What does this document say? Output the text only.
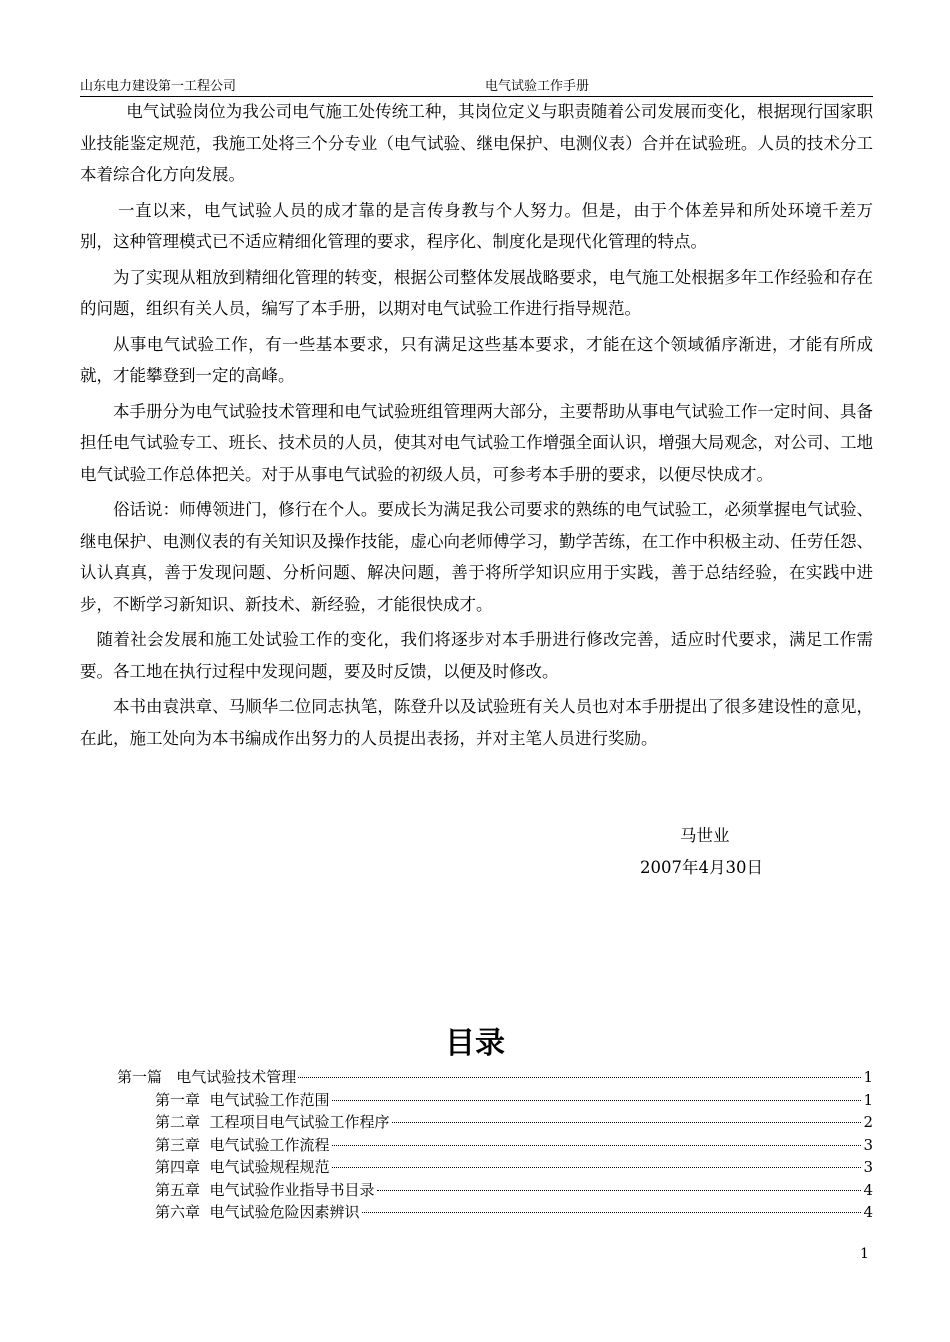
山东电力建设第一工程公司	电气试验工作手册

电气试验岗位为我公司电气施工处传统工种，其岗位定义与职责随着公司发展而变化，根据现行国家职业技能鉴定规范，我施工处将三个分专业（电气试验、继电保护、电测仪表）合并在试验班。人员的技术分工本着综合化方向发展。

一直以来，电气试验人员的成才靠的是言传身教与个人努力。但是，由于个体差异和所处环境千差万别，这种管理模式已不适应精细化管理的要求，程序化、制度化是现代化管理的特点。

为了实现从粗放到精细化管理的转变，根据公司整体发展战略要求，电气施工处根据多年工作经验和存在的问题，组织有关人员，编写了本手册，以期对电气试验工作进行指导规范。

从事电气试验工作，有一些基本要求，只有满足这些基本要求，才能在这个领域循序渐进，才能有所成就，才能攀登到一定的高峰。

本手册分为电气试验技术管理和电气试验班组管理两大部分，主要帮助从事电气试验工作一定时间、具备担任电气试验专工、班长、技术员的人员，使其对电气试验工作增强全面认识，增强大局观念，对公司、工地电气试验工作总体把关。对于从事电气试验的初级人员，可参考本手册的要求，以便尽快成才。

俗话说：师傅领进门，修行在个人。要成长为满足我公司要求的熟练的电气试验工，必须掌握电气试验、继电保护、电测仪表的有关知识及操作技能，虚心向老师傅学习，勤学苦练，在工作中积极主动、任劳任怨、认认真真，善于发现问题、分析问题、解决问题，善于将所学知识应用于实践，善于总结经验，在实践中进步，不断学习新知识、新技术、新经验，才能很快成才。

随着社会发展和施工处试验工作的变化，我们将逐步对本手册进行修改完善，适应时代要求，满足工作需要。各工地在执行过程中发现问题，要及时反馈，以便及时修改。

本书由袁洪章、马顺华二位同志执笔，陈登升以及试验班有关人员也对本手册提出了很多建设性的意见，在此，施工处向为本书编成作出努力的人员提出表扬，并对主笔人员进行奖励。

马世业
2007年4月30日
目录
第一篇   电气试验技术管理	1
第一章  电气试验工作范围	1
第二章  工程项目电气试验工作程序	2
第三章  电气试验工作流程	3
第四章  电气试验规程规范	3
第五章  电气试验作业指导书目录	4
第六章  电气试验危险因素辨识	4
1
